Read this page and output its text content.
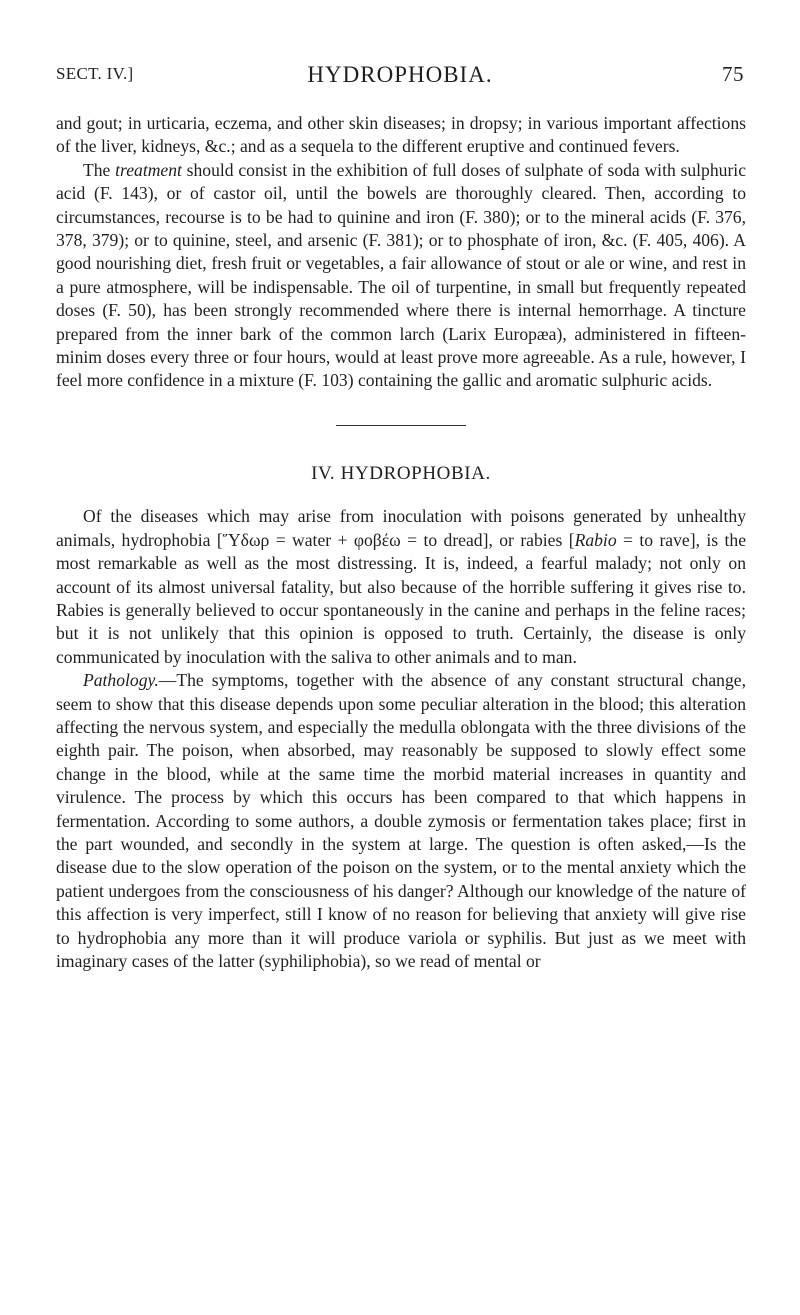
SECT. IV.]	HYDROPHOBIA.	75

and gout; in urticaria, eczema, and other skin diseases; in dropsy; in various important affections of the liver, kidneys, &c.; and as a sequela to the different eruptive and continued fevers.

The treatment should consist in the exhibition of full doses of sulphate of soda with sulphuric acid (F. 143), or of castor oil, until the bowels are thoroughly cleared. Then, according to circumstances, recourse is to be had to quinine and iron (F. 380); or to the mineral acids (F. 376, 378, 379); or to quinine, steel, and arsenic (F. 381); or to phosphate of iron, &c. (F. 405, 406). A good nourishing diet, fresh fruit or vegetables, a fair allowance of stout or ale or wine, and rest in a pure atmosphere, will be indispensable. The oil of turpentine, in small but frequently repeated doses (F. 50), has been strongly recommended where there is internal hemorrhage. A tincture prepared from the inner bark of the common larch (Larix Europæa), administered in fifteen-minim doses every three or four hours, would at least prove more agreeable. As a rule, however, I feel more confidence in a mixture (F. 103) containing the gallic and aromatic sulphuric acids.

IV. HYDROPHOBIA.

Of the diseases which may arise from inoculation with poisons generated by unhealthy animals, hydrophobia [Ὕδωρ = water + φοβέω = to dread], or rabies [Rabio = to rave], is the most remarkable as well as the most distressing. It is, indeed, a fearful malady; not only on account of its almost universal fatality, but also because of the horrible suffering it gives rise to. Rabies is generally believed to occur spontaneously in the canine and perhaps in the feline races; but it is not unlikely that this opinion is opposed to truth. Certainly, the disease is only communicated by inoculation with the saliva to other animals and to man.

Pathology.—The symptoms, together with the absence of any constant structural change, seem to show that this disease depends upon some peculiar alteration in the blood; this alteration affecting the nervous system, and especially the medulla oblongata with the three divisions of the eighth pair. The poison, when absorbed, may reasonably be supposed to slowly effect some change in the blood, while at the same time the morbid material increases in quantity and virulence. The process by which this occurs has been compared to that which happens in fermentation. According to some authors, a double zymosis or fermentation takes place; first in the part wounded, and secondly in the system at large. The question is often asked,—Is the disease due to the slow operation of the poison on the system, or to the mental anxiety which the patient undergoes from the consciousness of his danger? Although our knowledge of the nature of this affection is very imperfect, still I know of no reason for believing that anxiety will give rise to hydrophobia any more than it will produce variola or syphilis. But just as we meet with imaginary cases of the latter (syphiliphobia), so we read of mental or
